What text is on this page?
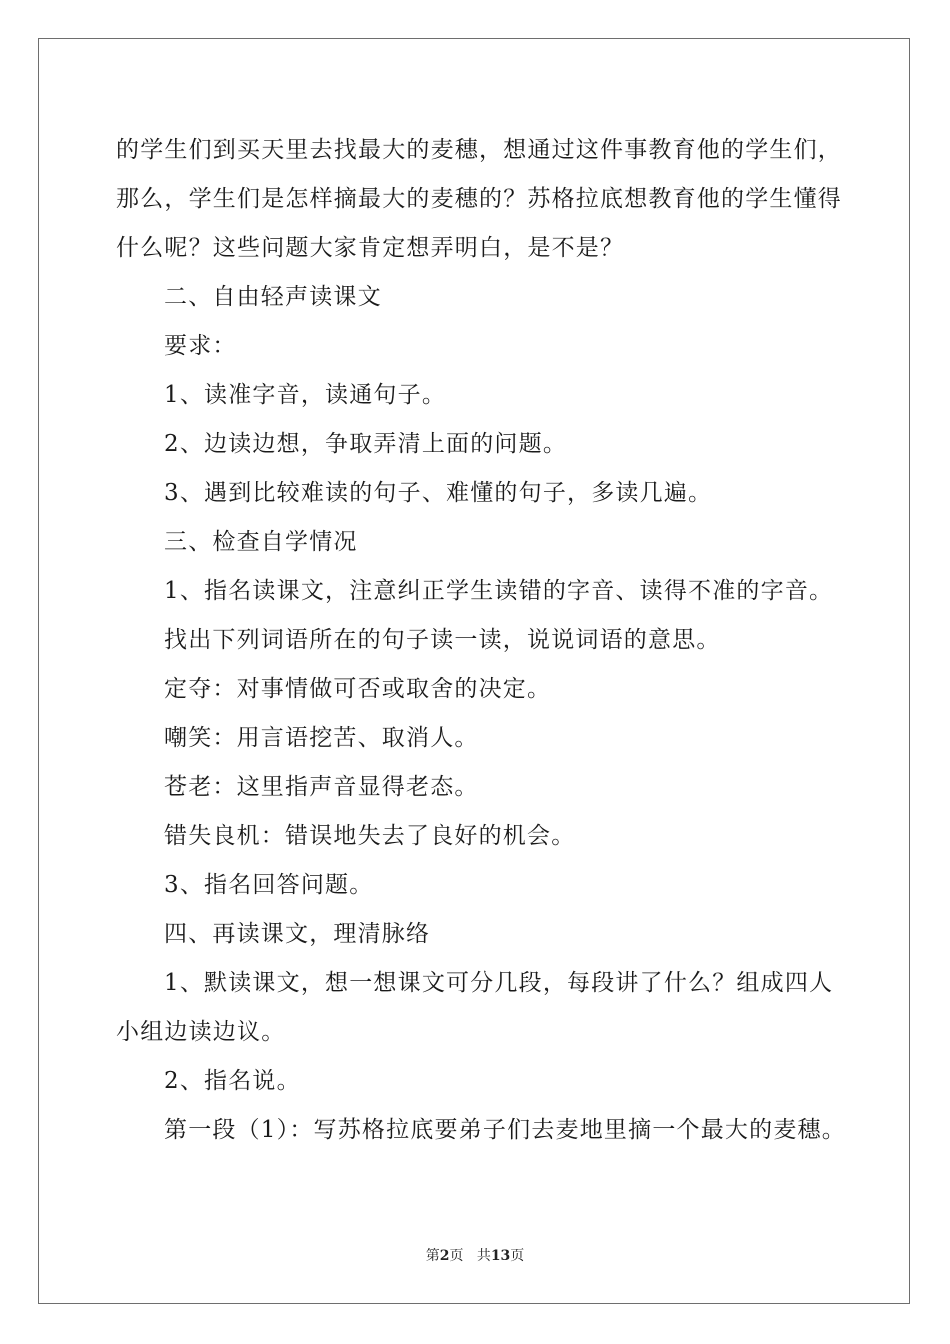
的学生们到买天里去找最大的麦穗，想通过这件事教育他的学生们，
那么，学生们是怎样摘最大的麦穗的？苏格拉底想教育他的学生懂得
什么呢？这些问题大家肯定想弄明白，是不是？
二、自由轻声读课文
要求：
1、读准字音，读通句子。
2、边读边想，争取弄清上面的问题。
3、遇到比较难读的句子、难懂的句子，多读几遍。
三、检查自学情况
1、指名读课文，注意纠正学生读错的字音、读得不准的字音。
找出下列词语所在的句子读一读，说说词语的意思。
定夺：对事情做可否或取舍的决定。
嘲笑：用言语挖苦、取消人。
苍老：这里指声音显得老态。
错失良机：错误地失去了良好的机会。
3、指名回答问题。
四、再读课文，理清脉络
1、默读课文，想一想课文可分几段，每段讲了什么？组成四人
小组边读边议。
2、指名说。
第一段（1）：写苏格拉底要弟子们去麦地里摘一个最大的麦穗。
第2页 共13页
